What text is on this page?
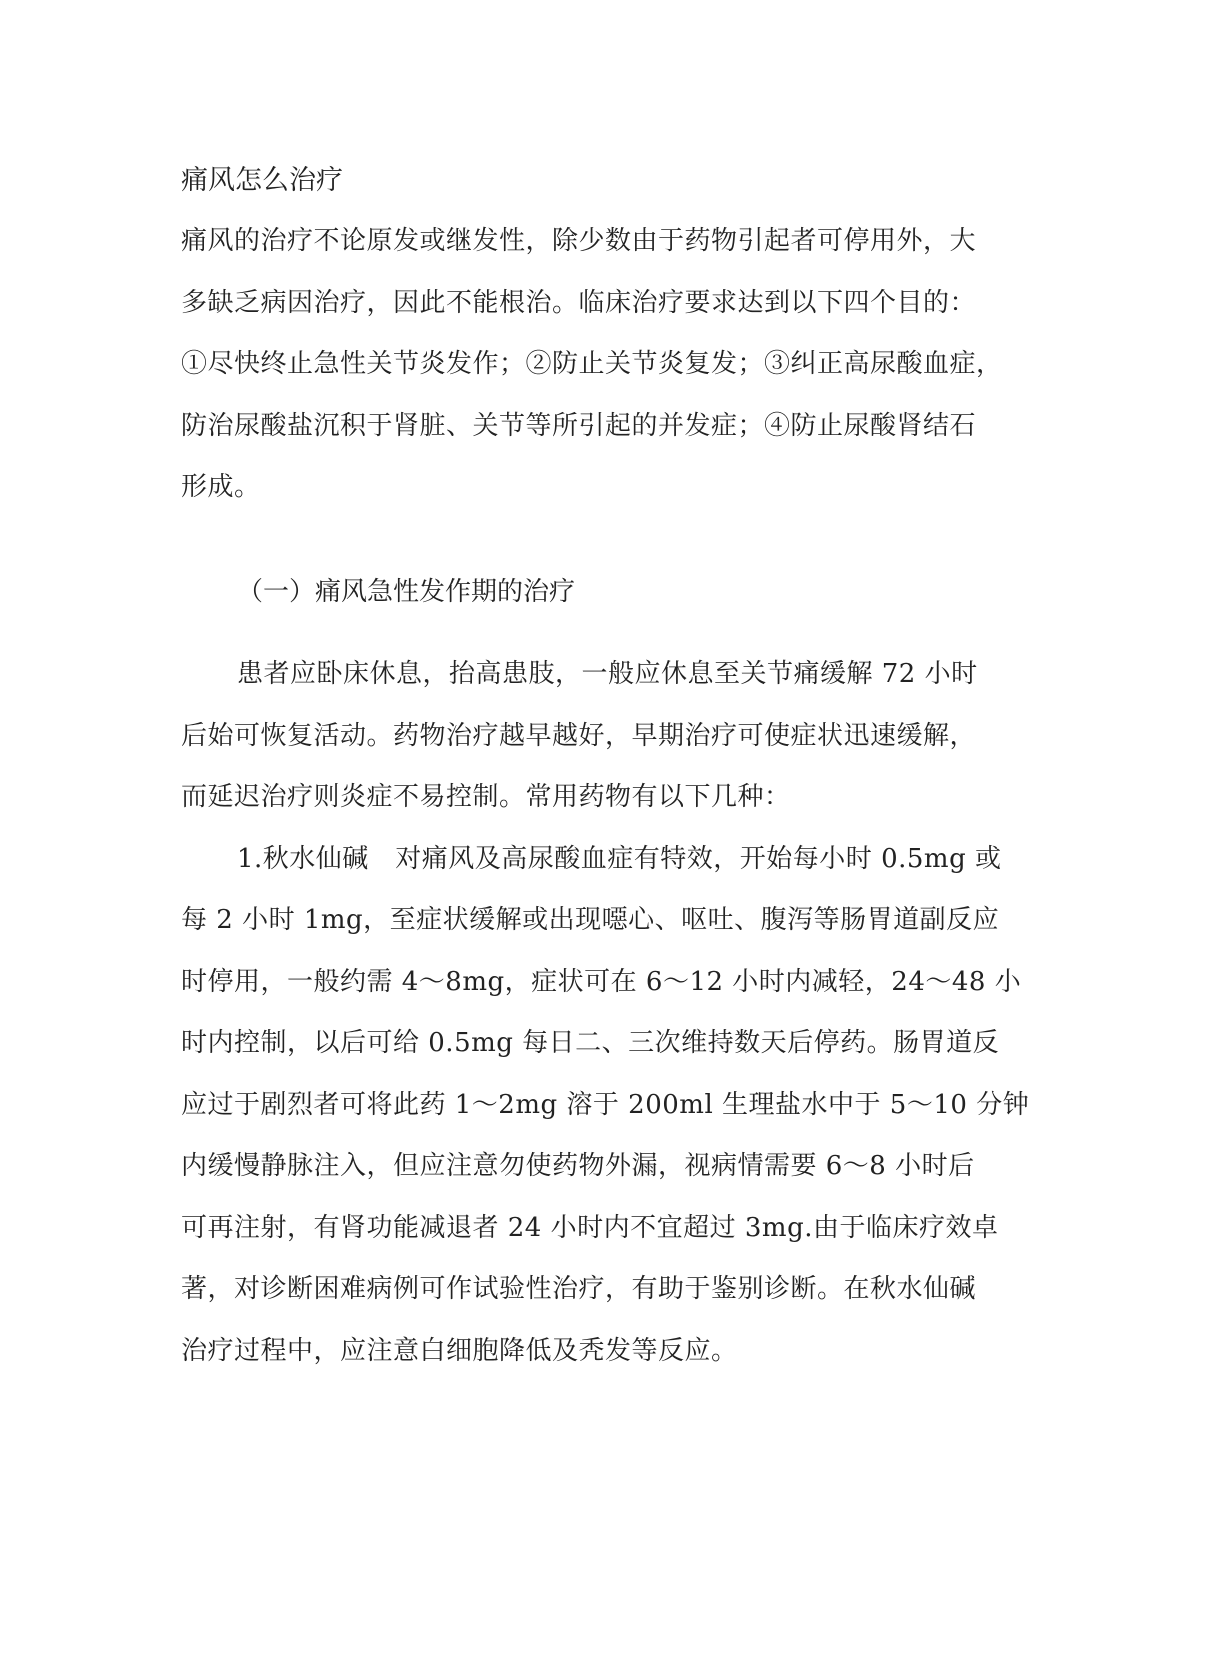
痛风怎么治疗

痛风的治疗不论原发或继发性，除少数由于药物引起者可停用外，大

多缺乏病因治疗，因此不能根治。临床治疗要求达到以下四个目的：

①尽快终止急性关节炎发作；②防止关节炎复发；③纠正高尿酸血症，

防治尿酸盐沉积于肾脏、关节等所引起的并发症；④防止尿酸肾结石

形成。

（一）痛风急性发作期的治疗

患者应卧床休息，抬高患肢，一般应休息至关节痛缓解 72 小时

后始可恢复活动。药物治疗越早越好，早期治疗可使症状迅速缓解，

而延迟治疗则炎症不易控制。常用药物有以下几种：

1.秋水仙碱　对痛风及高尿酸血症有特效，开始每小时 0.5mg 或

每 2 小时 1mg，至症状缓解或出现噁心、呕吐、腹泻等肠胃道副反应

时停用，一般约需 4～8mg，症状可在 6～12 小时内减轻，24～48 小

时内控制，以后可给 0.5mg 每日二、三次维持数天后停药。肠胃道反

应过于剧烈者可将此药 1～2mg 溶于 200ml 生理盐水中于 5～10 分钟

内缓慢静脉注入，但应注意勿使药物外漏，视病情需要 6～8 小时后

可再注射，有肾功能减退者 24 小时内不宜超过 3mg.由于临床疗效卓

著，对诊断困难病例可作试验性治疗，有助于鉴别诊断。在秋水仙碱

治疗过程中，应注意白细胞降低及秃发等反应。
